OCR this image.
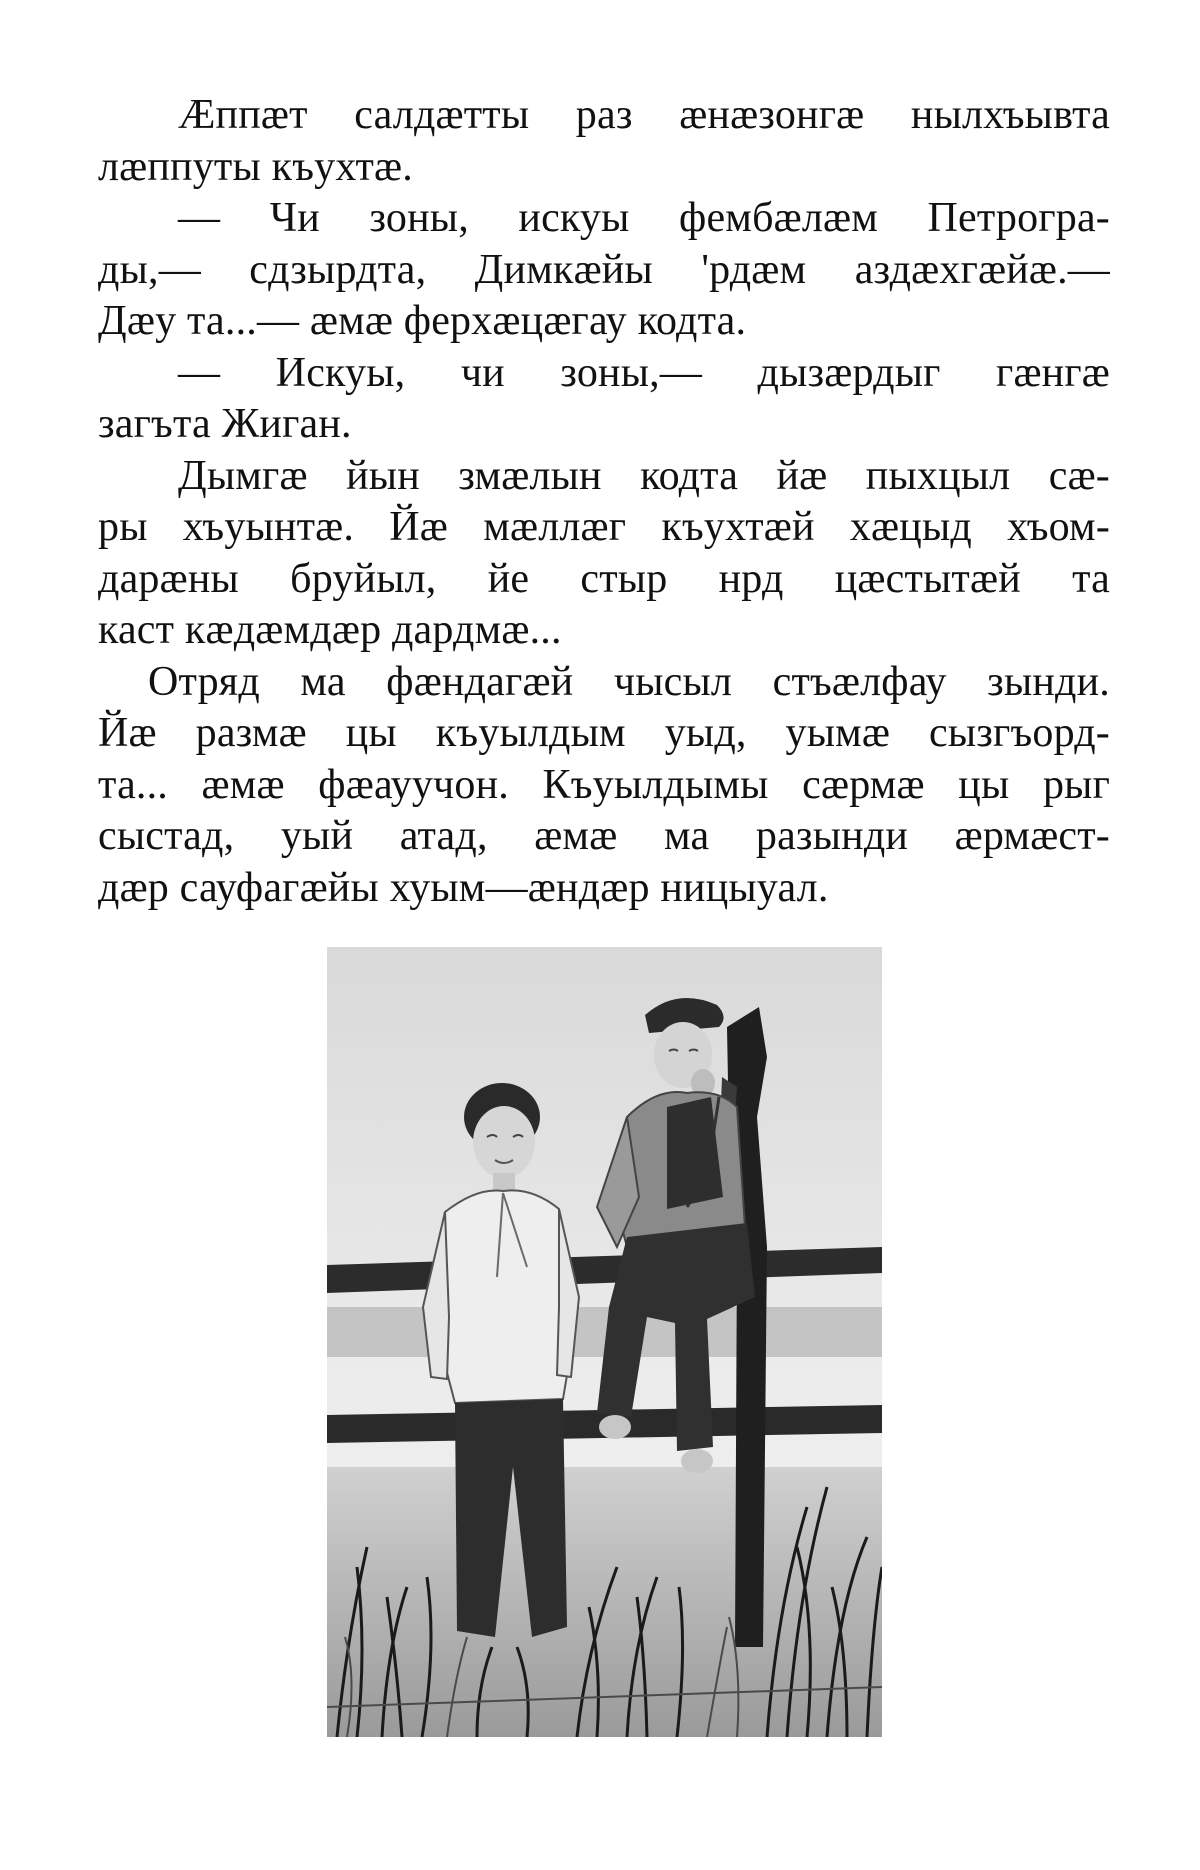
Æппæт салдæтты раз æнæзонгæ нылхъывта
лæппуты къухтæ.

— Чи зоны, искуы фембæлæм Петрогра-
ды,— сдзырдта, Димкæйы 'рдæм аздæхгæйæ.—
Дæу та...— æмæ ферхæцæгау кодта.

— Искуы, чи зоны,— дызæрдыг гæнгæ
загъта Жиган.

Дымгæ йын змæлын кодта йæ пыхцыл сæ-
ры хъуынтæ. Йæ мæллæг къухтæй хæцыд хъом-
дарæны бруйыл, йе стыр нрд цæстытæй та
каст кæдæмдæр дардмæ...

Отряд ма фæндагæй чысыл стъæлфау зынди.
Йæ размæ цы къуылдым уыд, уымæ сызгъорд-
та... æмæ фæауучон. Къуылдымы сæрмæ цы рыг
сыстад, уый атад, æмæ ма разынди æрмæст-
дæр сауфагæйы хуым—æндæр ницыуал.
